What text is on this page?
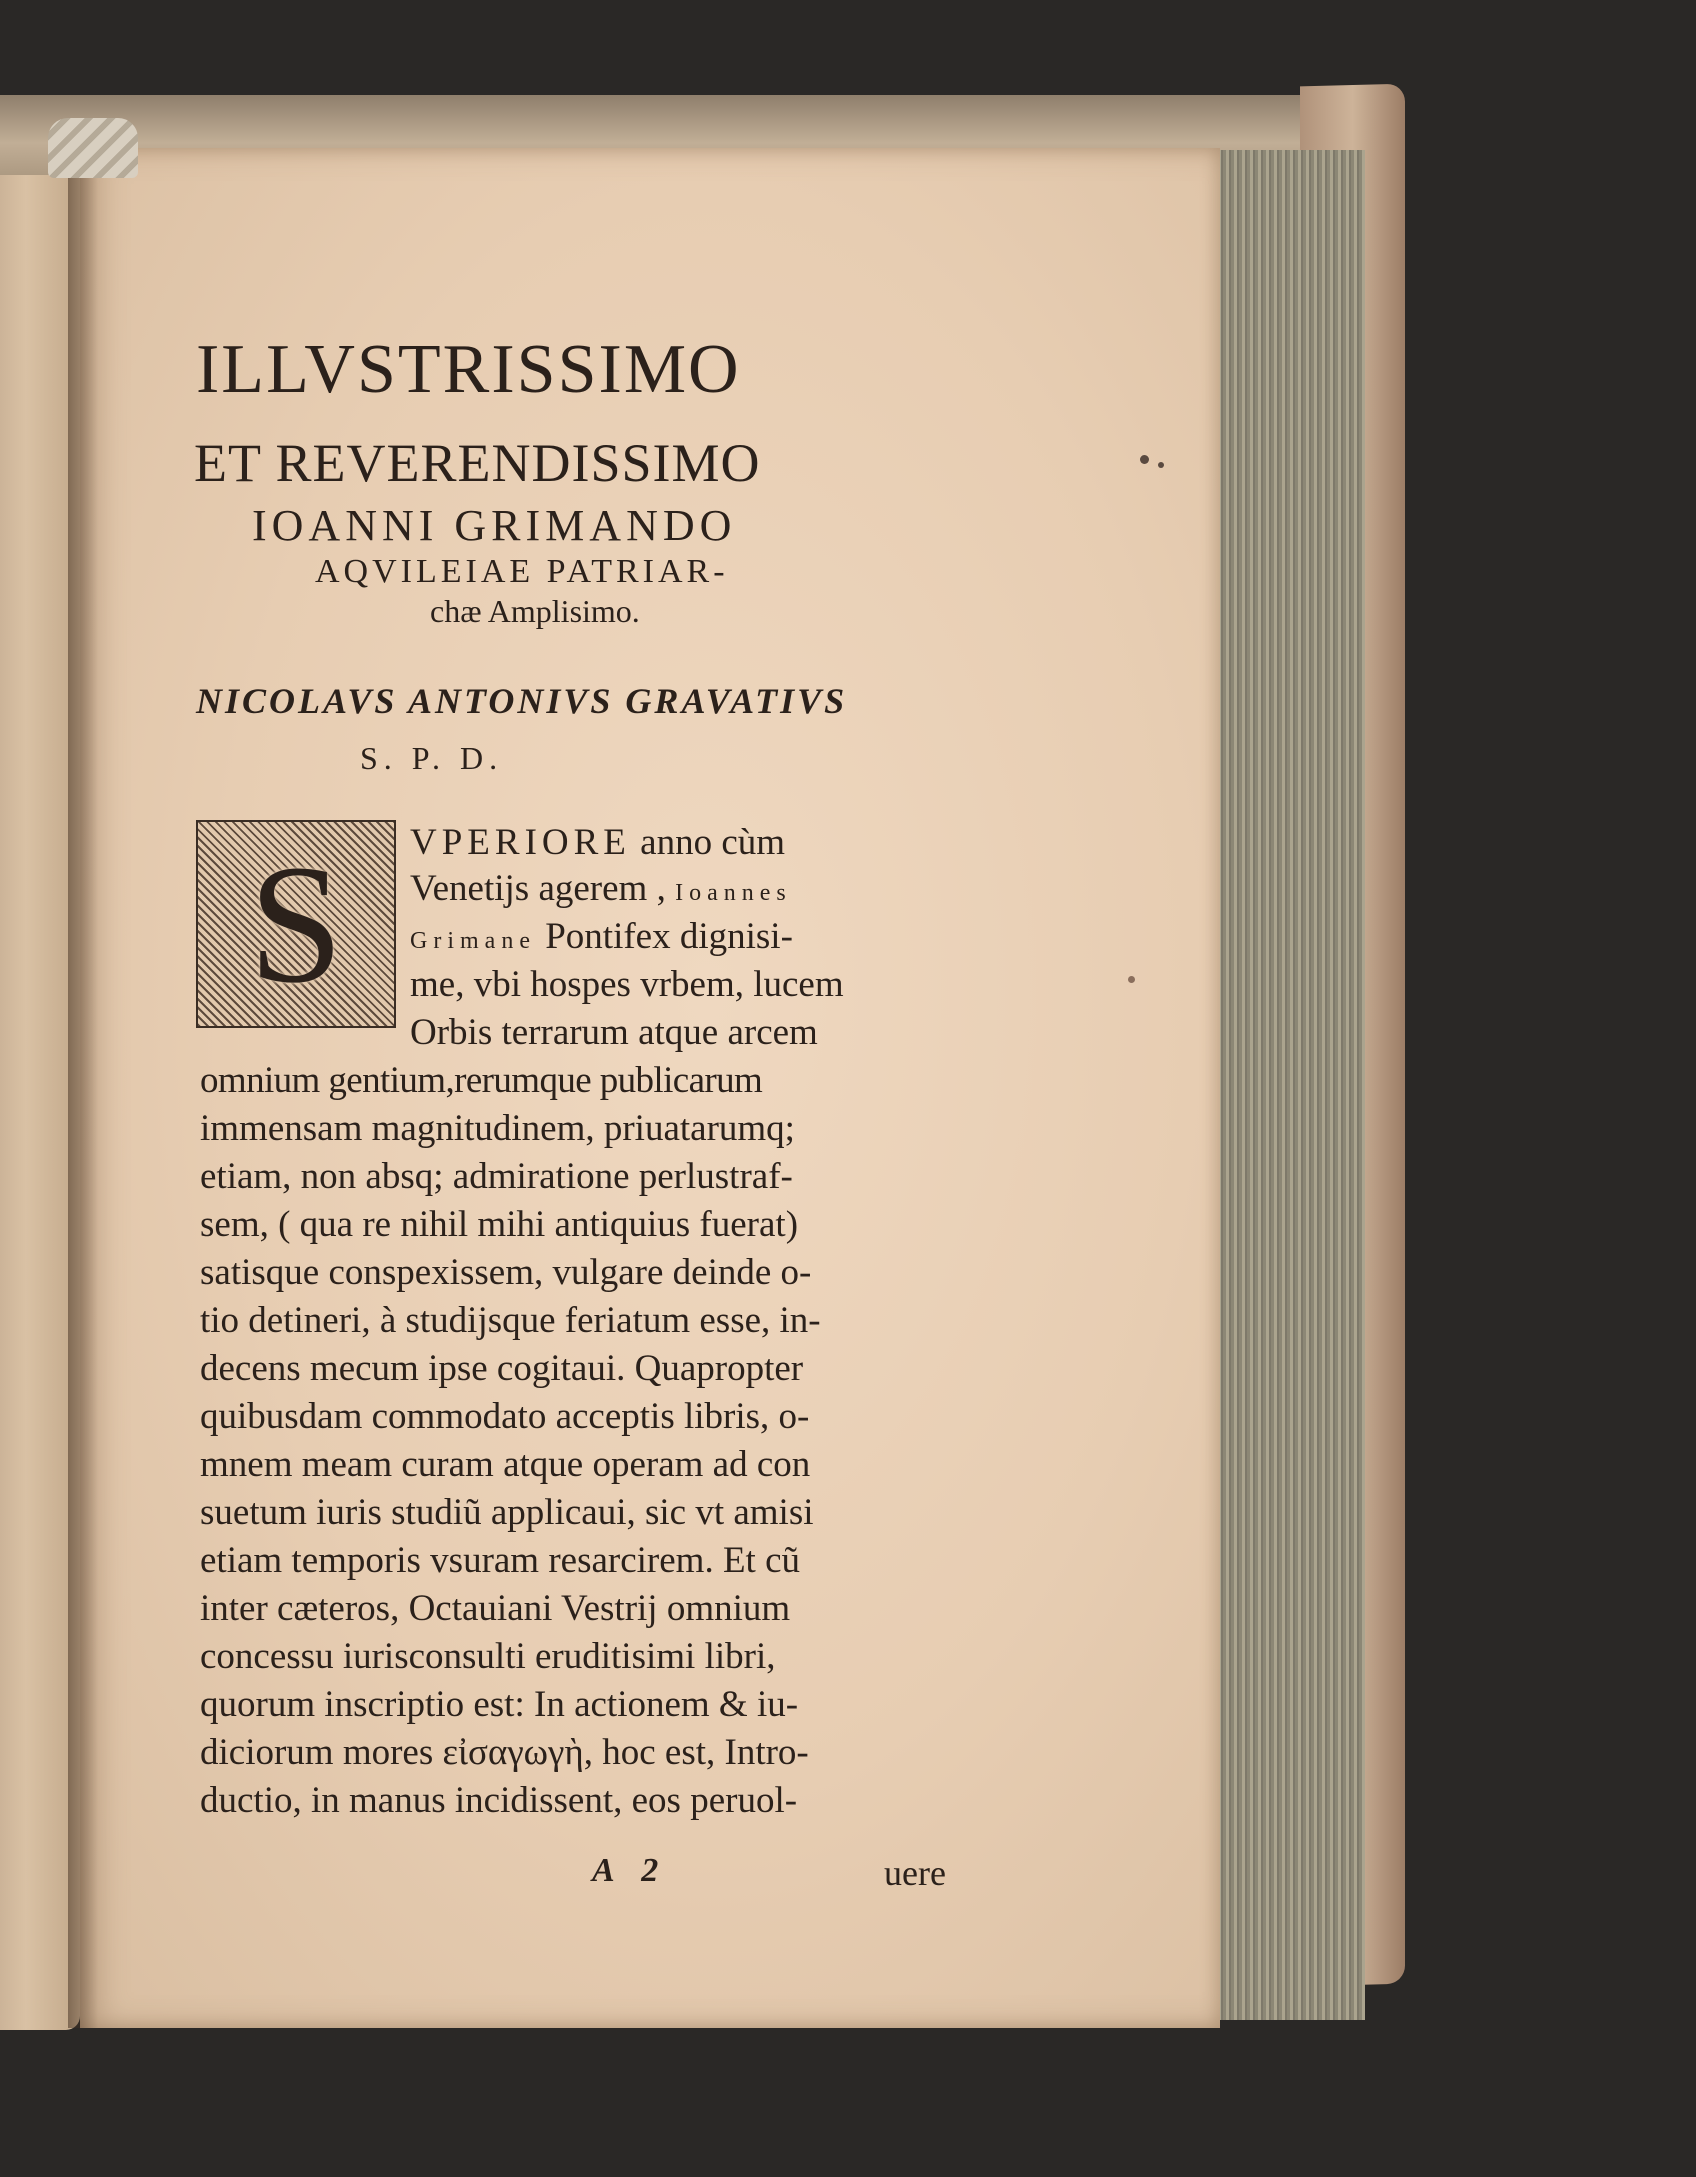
ILLVSTRISSIMO
ET REVERENDISSIMO
IOANNI GRIMANDO
AQVILEIAE PATRIAR-
chæ Amplisimo.
NICOLAVS ANTONIVS GRAVATIVS
S. P. D.
S	VPERIORE anno cùm
Venetijs agerem , Ioannes
Grimane Pontifex dignisi-
me, vbi hospes vrbem, lucem
Orbis terrarum atque arcem
omnium gentium,rerumque publicarum
immensam magnitudinem, priuatarumq;
etiam, non absq; admiratione perlustraf-
sem, ( qua re nihil mihi antiquius fuerat)
satisque conspexissem, vulgare deinde o-
tio detineri, à studijsque feriatum esse, in-
decens mecum ipse cogitaui. Quapropter
quibusdam commodato acceptis libris, o-
mnem meam curam atque operam ad con
suetum iuris studiũ applicaui, sic vt amisi
etiam temporis vsuram resarcirem. Et cũ
inter cæteros, Octauiani Vestrij omnium
concessu iurisconsulti eruditisimi libri,
quorum inscriptio est: In actionem & iu-
diciorum mores εἰσαγωγὴ, hoc est, Intro-
ductio, in manus incidissent, eos peruol-
A 2	uere
